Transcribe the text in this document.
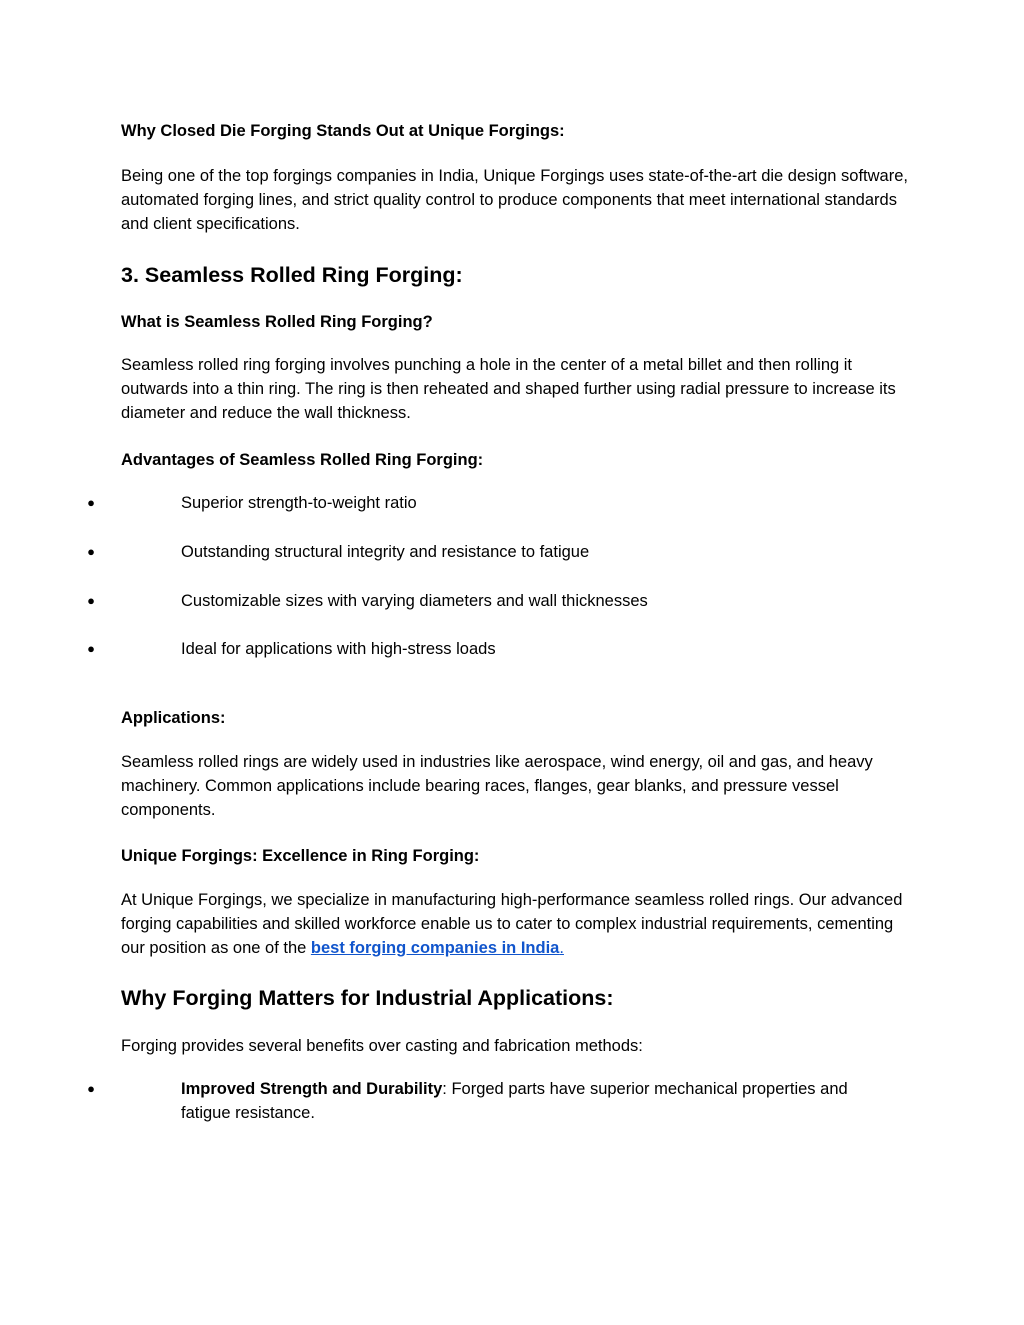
Why Closed Die Forging Stands Out at Unique Forgings:

Being one of the top forgings companies in India, Unique Forgings uses state-of-the-art die design software, automated forging lines, and strict quality control to produce components that meet international standards and client specifications.

3. Seamless Rolled Ring Forging:
What is Seamless Rolled Ring Forging?

Seamless rolled ring forging involves punching a hole in the center of a metal billet and then rolling it outwards into a thin ring. The ring is then reheated and shaped further using radial pressure to increase its diameter and reduce the wall thickness.

Advantages of Seamless Rolled Ring Forging:
●	Superior strength-to-weight ratio
●	Outstanding structural integrity and resistance to fatigue
●	Customizable sizes with varying diameters and wall thicknesses
●	Ideal for applications with high-stress loads
Applications:

Seamless rolled rings are widely used in industries like aerospace, wind energy, oil and gas, and heavy machinery. Common applications include bearing races, flanges, gear blanks, and pressure vessel components.

Unique Forgings: Excellence in Ring Forging:

At Unique Forgings, we specialize in manufacturing high-performance seamless rolled rings. Our advanced forging capabilities and skilled workforce enable us to cater to complex industrial requirements, cementing our position as one of the best forging companies in India.

Why Forging Matters for Industrial Applications:

Forging provides several benefits over casting and fabrication methods:

●	Improved Strength and Durability: Forged parts have superior mechanical properties and fatigue resistance.
